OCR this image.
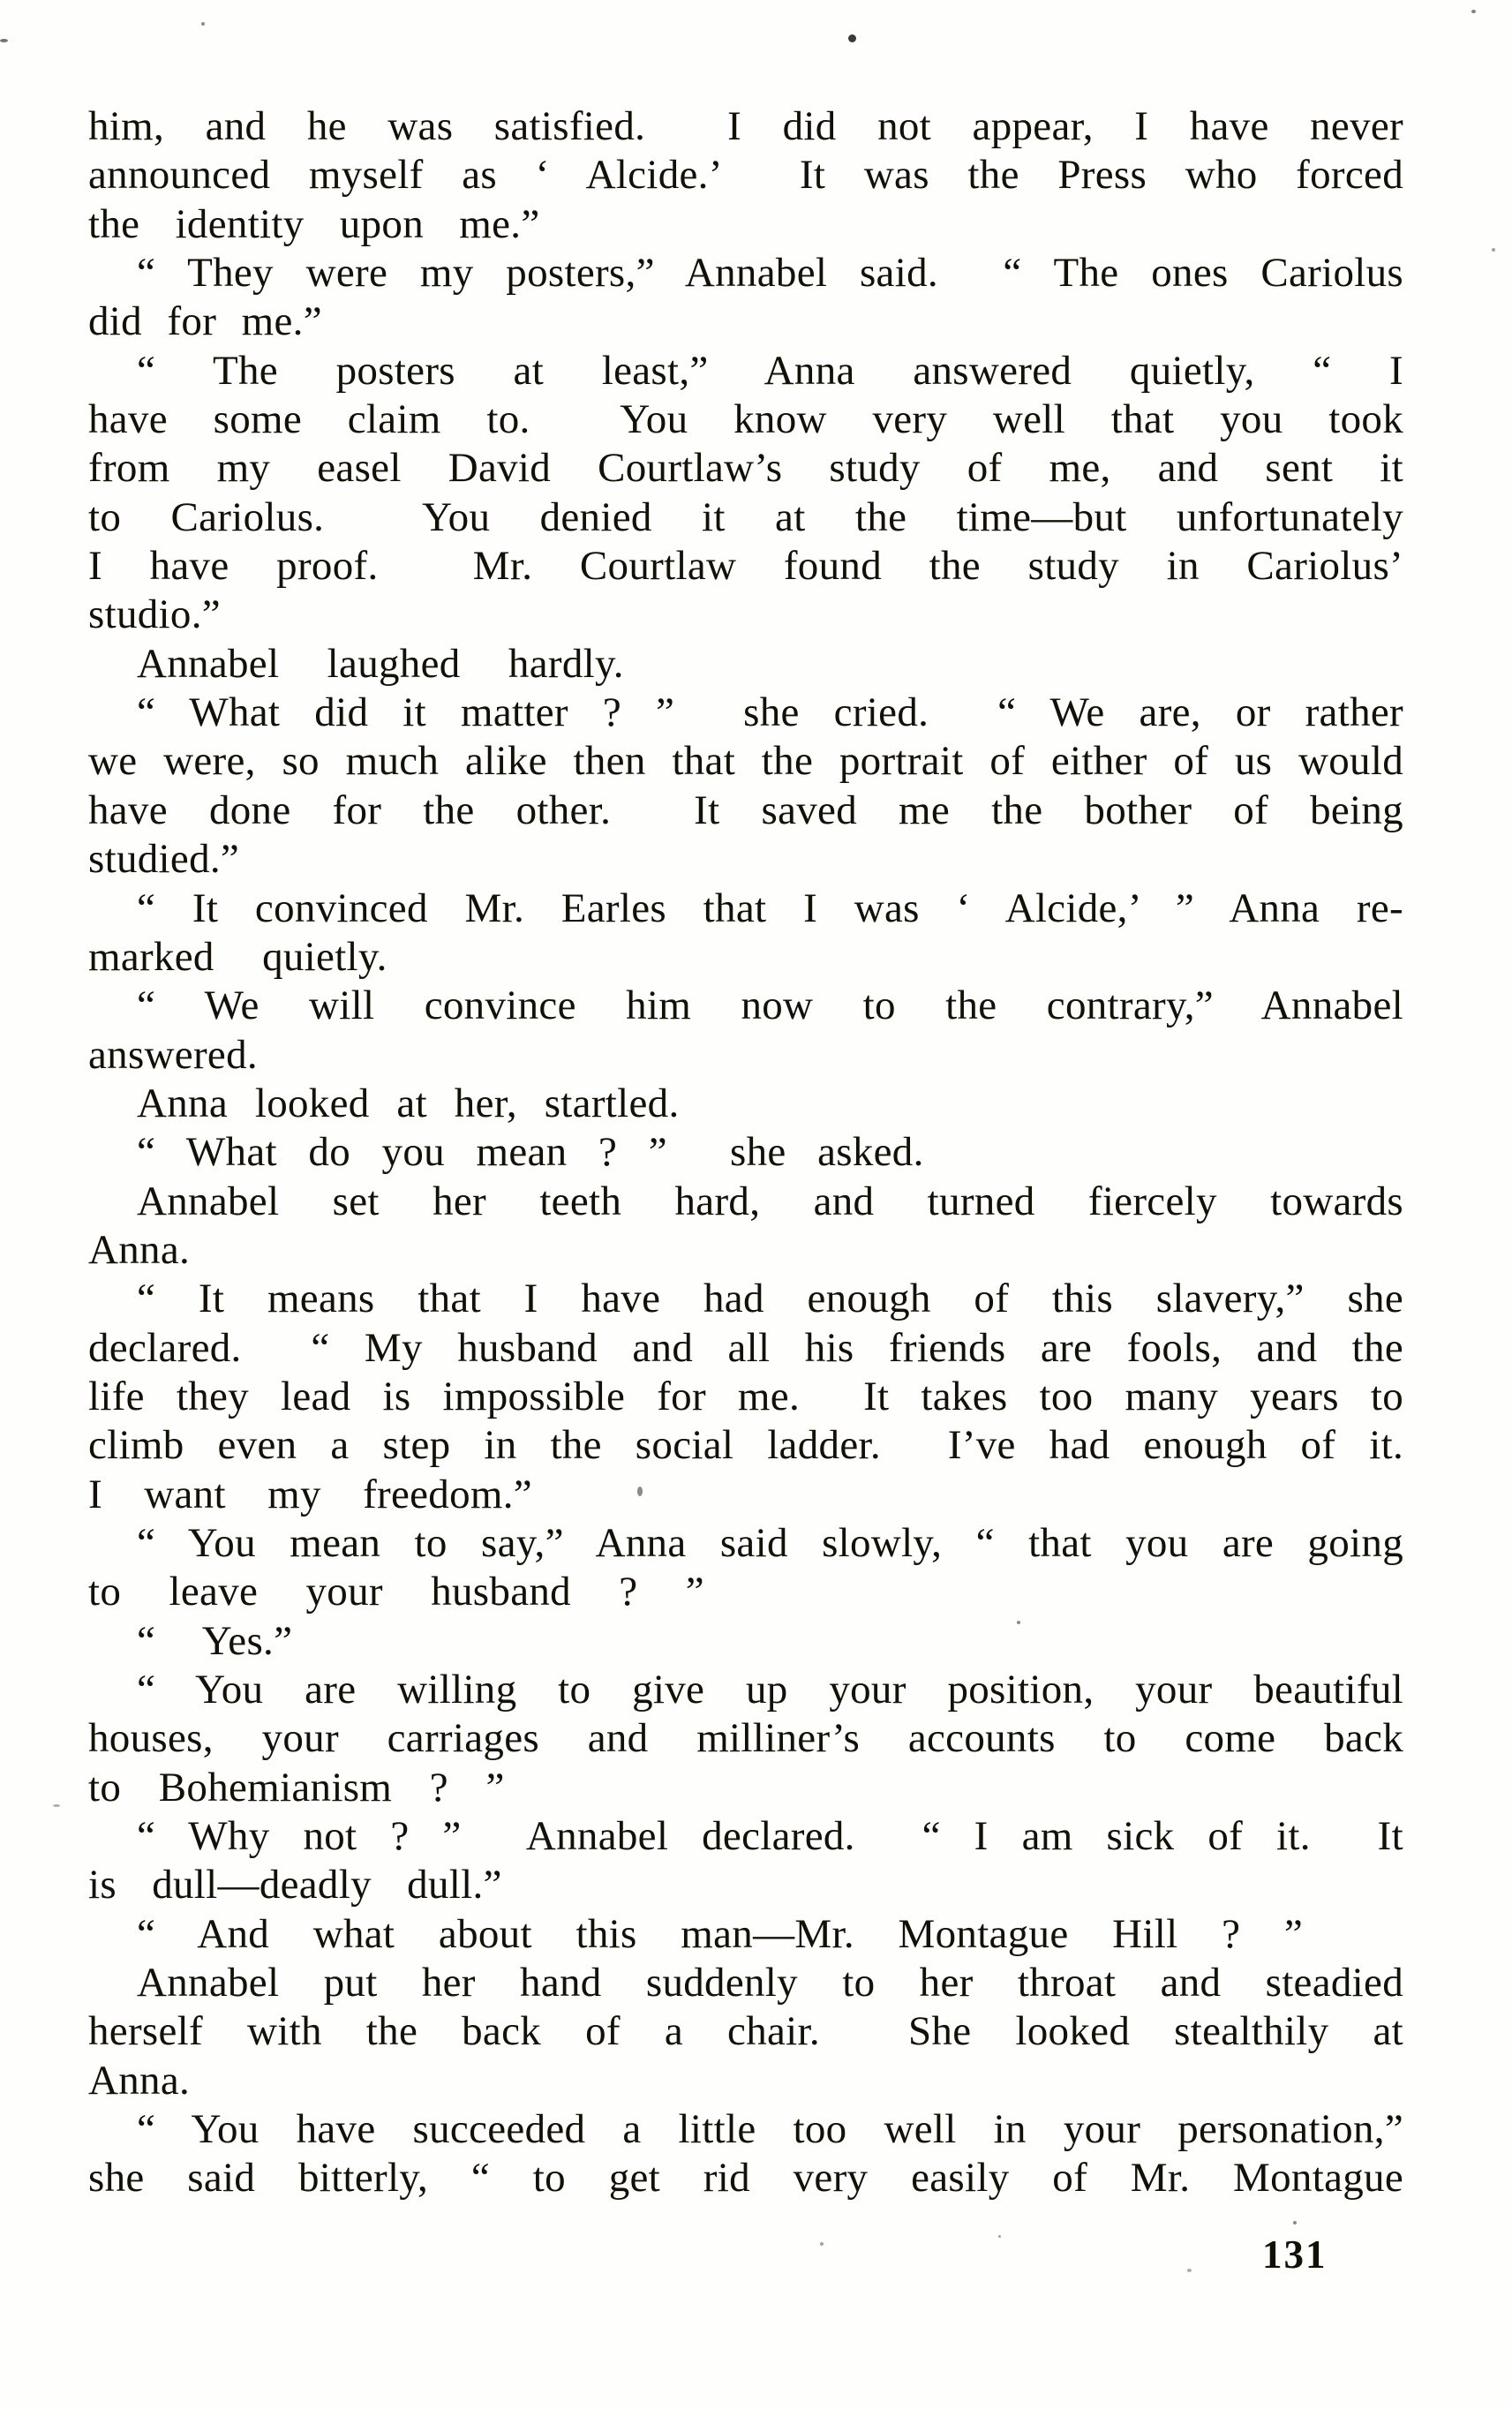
him, and he was satisfied.  I did not appear, I have never
announced myself as ‘ Alcide.’  It was the Press who forced
the identity upon me.”
“ They were my posters,” Annabel said.  “ The ones Cariolus
did for me.”
“ The posters at least,” Anna answered quietly, “ I
have some claim to.  You know very well that you took
from my easel David Courtlaw’s study of me, and sent it
to Cariolus.  You denied it at the time—but unfortunately
I have proof.  Mr. Courtlaw found the study in Cariolus’
studio.”
Annabel laughed hardly.
“ What did it matter ? ”  she cried.  “ We are, or rather
we were, so much alike then that the portrait of either of us would
have done for the other.  It saved me the bother of being
studied.”
“ It convinced Mr. Earles that I was ‘ Alcide,’ ” Anna re-
marked quietly.
“ We will convince him now to the contrary,” Annabel
answered.
Anna looked at her, startled.
“ What do you mean ? ”  she asked.
Annabel set her teeth hard, and turned fiercely towards
Anna.
“ It means that I have had enough of this slavery,” she
declared.  “ My husband and all his friends are fools, and the
life they lead is impossible for me.  It takes too many years to
climb even a step in the social ladder.  I’ve had enough of it.
I want my freedom.”
“ You mean to say,” Anna said slowly, “ that you are going
to leave your husband ? ”
“ Yes.”
“ You are willing to give up your position, your beautiful
houses, your carriages and milliner’s accounts to come back
to Bohemianism ? ”
“ Why not ? ”  Annabel declared.  “ I am sick of it.  It
is dull—deadly dull.”
“ And what about this man—Mr. Montague Hill ? ”
Annabel put her hand suddenly to her throat and steadied
herself with the back of a chair.  She looked stealthily at
Anna.
“ You have succeeded a little too well in your personation,”
she said bitterly, “ to get rid very easily of Mr. Montague
131
